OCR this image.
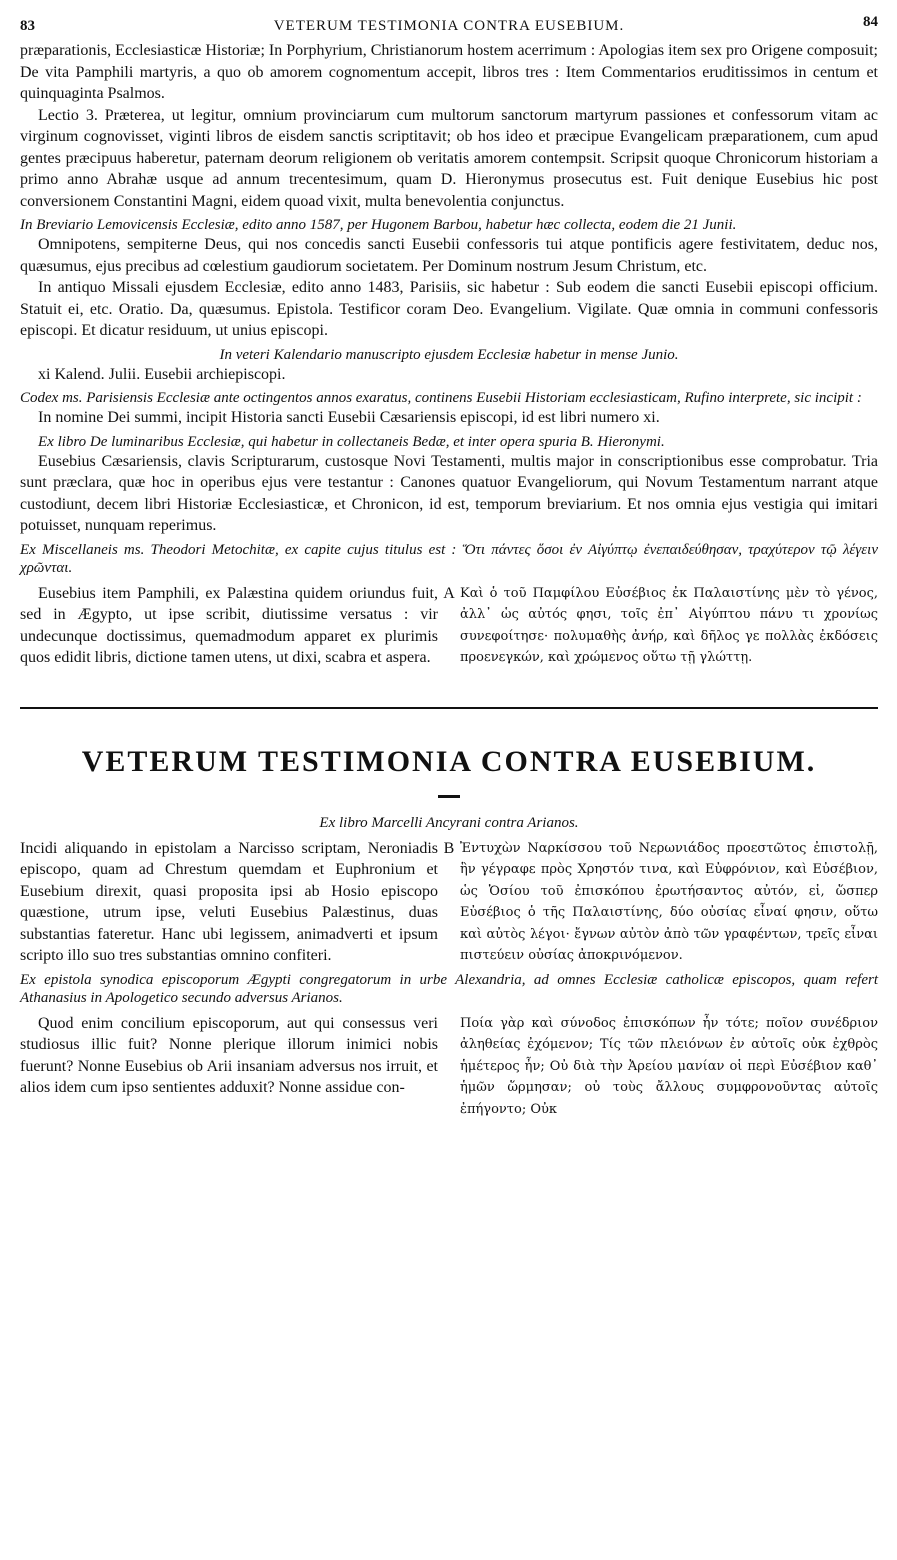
83	VETERUM TESTIMONIA CONTRA EUSEBIUM.	84

præparationis, Ecclesiasticæ Historiæ; In Porphyrium, Christianorum hostem acerrimum : Apologias item sex pro Origene composuit; De vita Pamphili martyris, a quo ob amorem cognomentum accepit, libros tres : Item Commentarios eruditissimos in centum et quinquaginta Psalmos.

Lectio 3. Præterea, ut legitur, omnium provinciarum cum multorum sanctorum martyrum passiones et confessorum vitam ac virginum cognovisset, viginti libros de eisdem sanctis scriptitavit; ob hos ideo et præcipue Evangelicam præparationem, cum apud gentes præcipuus haberetur, paternam deorum religionem ob veritatis amorem contempsit. Scripsit quoque Chronicorum historiam a primo anno Abrahæ usque ad annum trecentesimum, quam D. Hieronymus prosecutus est. Fuit denique Eusebius hic post conversionem Constantini Magni, eidem quoad vixit, multa benevolentia conjunctus.

In Breviario Lemovicensis Ecclesiæ, edito anno 1587, per Hugonem Barbou, habetur hæc collecta, eodem die 21 Junii.

Omnipotens, sempiterne Deus, qui nos concedis sancti Eusebii confessoris tui atque pontificis agere festivitatem, deduc nos, quæsumus, ejus precibus ad cœlestium gaudiorum societatem. Per Dominum nostrum Jesum Christum, etc.

In antiquo Missali ejusdem Ecclesiæ, edito anno 1483, Parisiis, sic habetur : Sub eodem die sancti Eusebii episcopi officium. Statuit ei, etc. Oratio. Da, quæsumus. Epistola. Testificor coram Deo. Evangelium. Vigilate. Quæ omnia in communi confessoris episcopi. Et dicatur residuum, ut unius episcopi.

In veteri Kalendario manuscripto ejusdem Ecclesiæ habetur in mense Junio.

xi Kalend. Julii. Eusebii archiepiscopi.

Codex ms. Parisiensis Ecclesiæ ante octingentos annos exaratus, continens Eusebii Historiam ecclesiasticam, Rufino interprete, sic incipit :

In nomine Dei summi, incipit Historia sancti Eusebii Cæsariensis episcopi, id est libri numero xi.

Ex libro De luminaribus Ecclesiæ, qui habetur in collectaneis Bedæ, et inter opera spuria B. Hieronymi.

Eusebius Cæsariensis, clavis Scripturarum, custosque Novi Testamenti, multis major in conscriptionibus esse comprobatur. Tria sunt præclara, quæ hoc in operibus ejus vere testantur : Canones quatuor Evangeliorum, qui Novum Testamentum narrant atque custodiunt, decem libri Historiæ Ecclesiasticæ, et Chronicon, id est, temporum breviarium. Et nos omnia ejus vestigia qui imitari potuisset, nunquam reperimus.

Ex Miscellaneis ms. Theodori Metochitæ, ex capite cujus titulus est : Ὅτι πάντες ὅσοι ἐν Αἰγύπτῳ ἐνεπαιδεύθησαν, τραχύτερον τῷ λέγειν χρῶνται.

Eusebius item Pamphili, ex Palæstina quidem oriundus fuit, sed in Ægypto, ut ipse scribit, diutissime versatus : vir undecunque doctissimus, quemadmodum apparet ex plurimis quos edidit libris, dictione tamen utens, ut dixi, scabra et aspera.

A Καὶ ὁ τοῦ Παμφίλου Εὐσέβιος ἐκ Παλαιστίνης μὲν τὸ γένος, ἀλλ᾽ ὡς αὐτός φησι, τοῖς ἐπ᾽ Αἰγύπτου πάνυ τι χρονίως συνεφοίτησε· πολυμαθὴς ἀνήρ, καὶ δῆλος γε πολλὰς ἐκδόσεις προενεγκών, καὶ χρώμενος οὕτω τῇ γλώττῃ.

VETERUM TESTIMONIA CONTRA EUSEBIUM.

Ex libro Marcelli Ancyrani contra Arianos.

Incidi aliquando in epistolam a Narcisso scriptam, Neroniadis episcopo, quam ad Chrestum quemdam et Euphronium et Eusebium direxit, quasi proposita ipsi ab Hosio episcopo quæstione, utrum ipse, veluti Eusebius Palæstinus, duas substantias fateretur. Hanc ubi legissem, animadverti et ipsum scripto illo suo tres substantias omnino confiteri.

B Ἐντυχὼν Ναρκίσσου τοῦ Νερωνιάδος προεστῶτος ἐπιστολῇ, ἣν γέγραφε πρὸς Χρηστόν τινα, καὶ Εὐφρόνιον, καὶ Εὐσέβιον, ὡς Ὁσίου τοῦ ἐπισκόπου ἐρωτήσαντος αὐτόν, εἰ, ὥσπερ Εὐσέβιος ὁ τῆς Παλαιστίνης, δύο οὐσίας εἶναί φησιν, οὕτω καὶ αὐτὸς λέγοι· ἔγνων αὐτὸν ἀπὸ τῶν γραφέντων, τρεῖς εἶναι πιστεύειν οὐσίας ἀποκρινόμενον.

Ex epistola synodica episcoporum Ægypti congregatorum in urbe Alexandria, ad omnes Ecclesiæ catholicæ episcopos, quam refert Athanasius in Apologetico secundo adversus Arianos.

Quod enim concilium episcoporum, aut qui consessus veri studiosus illic fuit? Nonne plerique illorum inimici nobis fuerunt? Nonne Eusebius ob Arii insaniam adversus nos irruit, et alios idem cum ipso sentientes adduxit? Nonne assidue con-

Ποία γὰρ καὶ σύνοδος ἐπισκόπων ἦν τότε; ποῖον συνέδριον ἀληθείας ἐχόμενον; Τίς τῶν πλειόνων ἐν αὐτοῖς οὐκ ἐχθρὸς ἡμέτερος ἦν; Οὐ διὰ τὴν Ἀρείου μανίαν οἱ περὶ Εὐσέβιον καθ᾽ ἡμῶν ὥρμησαν; οὐ τοὺς ἄλλους συμφρονοῦντας αὐτοῖς ἐπήγοντο; Οὐκ
